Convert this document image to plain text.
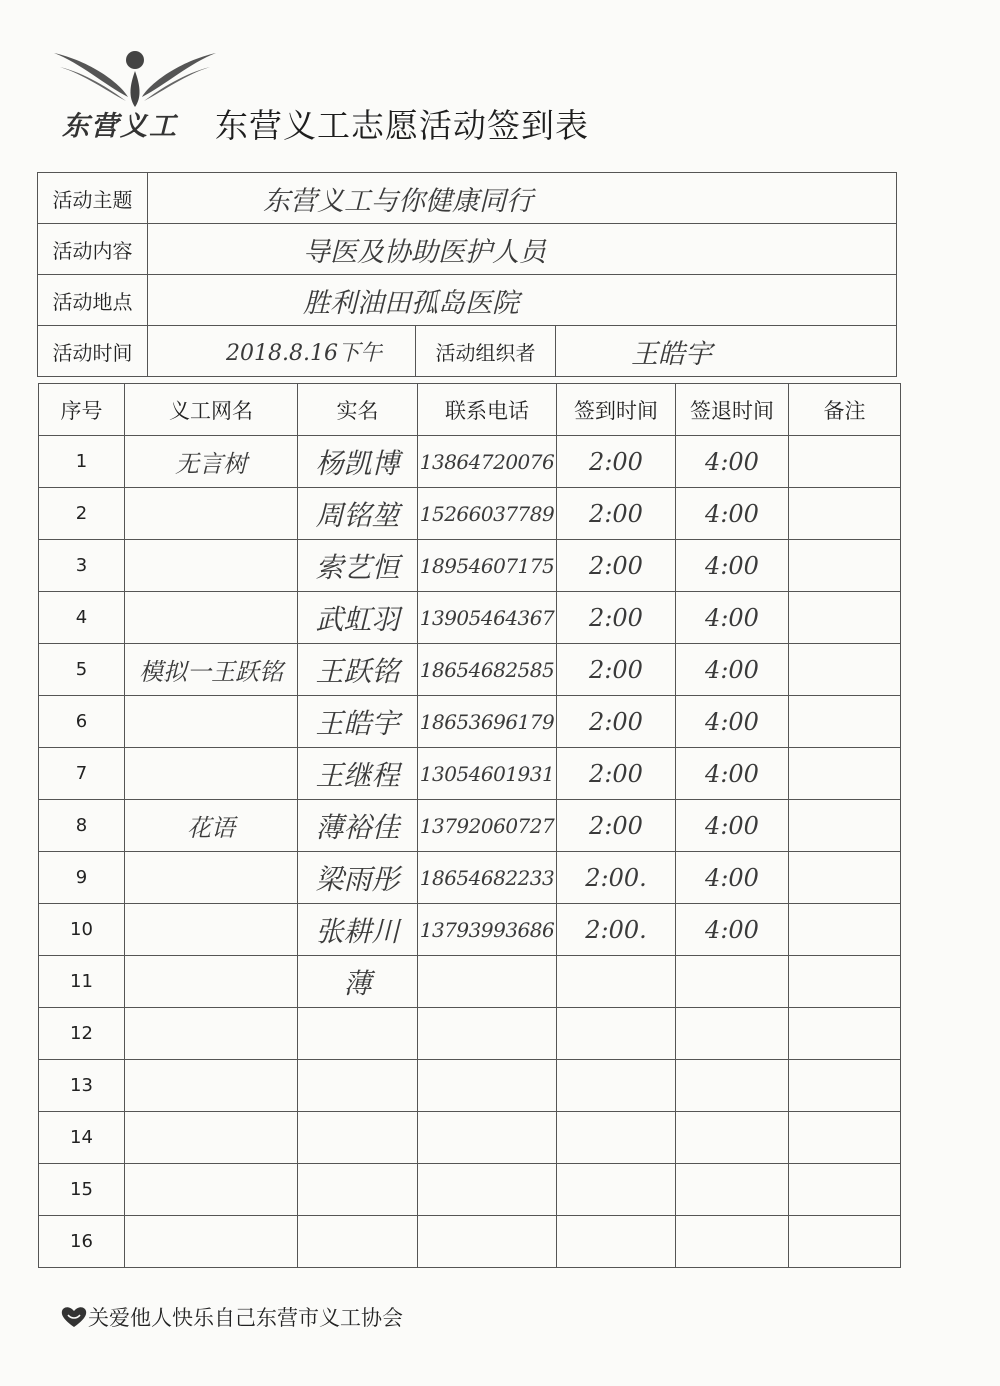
东营义工 东营义工志愿活动签到表
活动主题	东营义工与你健康同行		
活动内容	导医及协助医护人员		
活动地点	胜利油田孤岛医院		
活动时间	2018.8.16下午	活动组织者	王皓宇
序号	义工网名	实名	联系电话	签到时间	签退时间	备注
1	无言树	杨凯博	13864720076	2:00	4:00	
2		周铭堃	15266037789	2:00	4:00	
3		索艺恒	18954607175	2:00	4:00	
4		武虹羽	13905464367	2:00	4:00	
5	模拟一王跃铭	王跃铭	18654682585	2:00	4:00	
6		王皓宇	18653696179	2:00	4:00	
7		王继程	13054601931	2:00	4:00	
8	花语	薄裕佳	13792060727	2:00	4:00	
9		梁雨彤	18654682233	2:00.	4:00	
10		张耕川	13793993686	2:00.	4:00	
11		薄				
12						
13						
14						
15						
16						
关爱他人快乐自己东营市义工协会
